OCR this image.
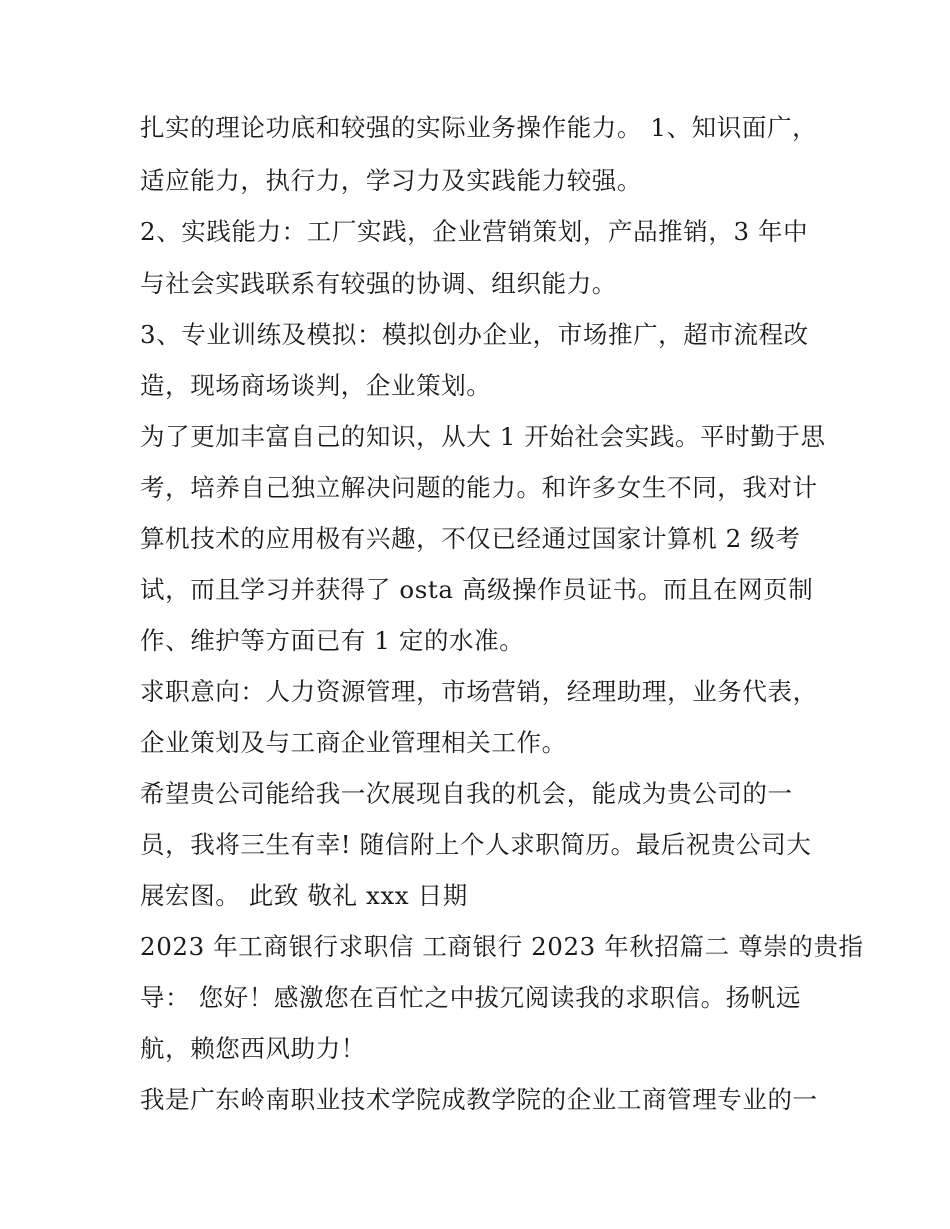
扎实的理论功底和较强的实际业务操作能力。 1、知识面广，
适应能力，执行力，学习力及实践能力较强。
2、实践能力：工厂实践，企业营销策划，产品推销，3 年中
与社会实践联系有较强的协调、组织能力。
3、专业训练及模拟：模拟创办企业，市场推广，超市流程改
造，现场商场谈判，企业策划。
为了更加丰富自己的知识，从大 1 开始社会实践。平时勤于思
考，培养自己独立解决问题的能力。和许多女生不同，我对计
算机技术的应用极有兴趣，不仅已经通过国家计算机 2 级考
试，而且学习并获得了 osta 高级操作员证书。而且在网页制
作、维护等方面已有 1 定的水准。
求职意向：人力资源管理，市场营销，经理助理，业务代表，
企业策划及与工商企业管理相关工作。
希望贵公司能给我一次展现自我的机会，能成为贵公司的一
员，我将三生有幸! 随信附上个人求职简历。最后祝贵公司大
展宏图。 此致 敬礼 xxx 日期
2023 年工商银行求职信 工商银行 2023 年秋招篇二 尊崇的贵指
导： 您好！感激您在百忙之中拔冗阅读我的求职信。扬帆远
航，赖您西风助力！
我是广东岭南职业技术学院成教学院的企业工商管理专业的一
